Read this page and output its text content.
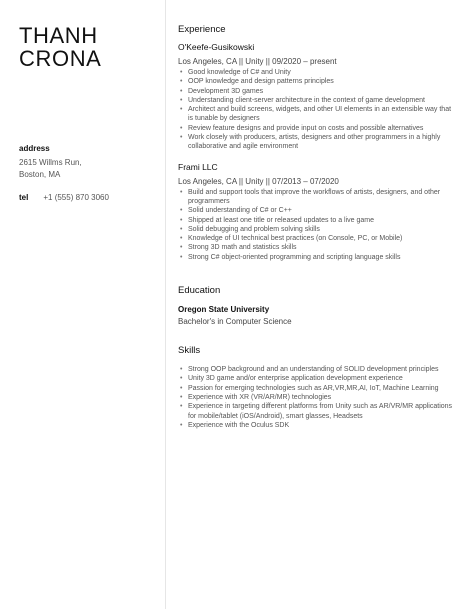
THANH
CRONA
address
2615 Willms Run,
Boston, MA
tel +1 (555) 870 3060
Experience
O'Keefe-Gusikowski
Los Angeles, CA || Unity || 09/2020 – present
• Good knowledge of C# and Unity
• OOP knowledge and design patterns principles
• Development 3D games
• Understanding client-server architecture in the context of game development
• Architect and build screens, widgets, and other UI elements in an extensible way that is tunable by designers
• Review feature designs and provide input on costs and possible alternatives
• Work closely with producers, artists, designers and other programmers in a highly collaborative and agile environment
Frami LLC
Los Angeles, CA || Unity || 07/2013 – 07/2020
• Build and support tools that improve the workflows of artists, designers, and other programmers
• Solid understanding of C# or C++
• Shipped at least one title or released updates to a live game
• Solid debugging and problem solving skills
• Knowledge of UI technical best practices (on Console, PC, or Mobile)
• Strong 3D math and statistics skills
• Strong C# object-oriented programming and scripting language skills
Education
Oregon State University
Bachelor's in Computer Science
Skills
• Strong OOP background and an understanding of SOLID development principles
• Unity 3D game and/or enterprise application development experience
• Passion for emerging technologies such as AR,VR,MR,AI, IoT, Machine Learning
• Experience with XR (VR/AR/MR) technologies
• Experience in targeting different platforms from Unity such as AR/VR/MR applications for mobile/tablet (iOS/Android), smart glasses, Headsets
• Experience with the Oculus SDK
